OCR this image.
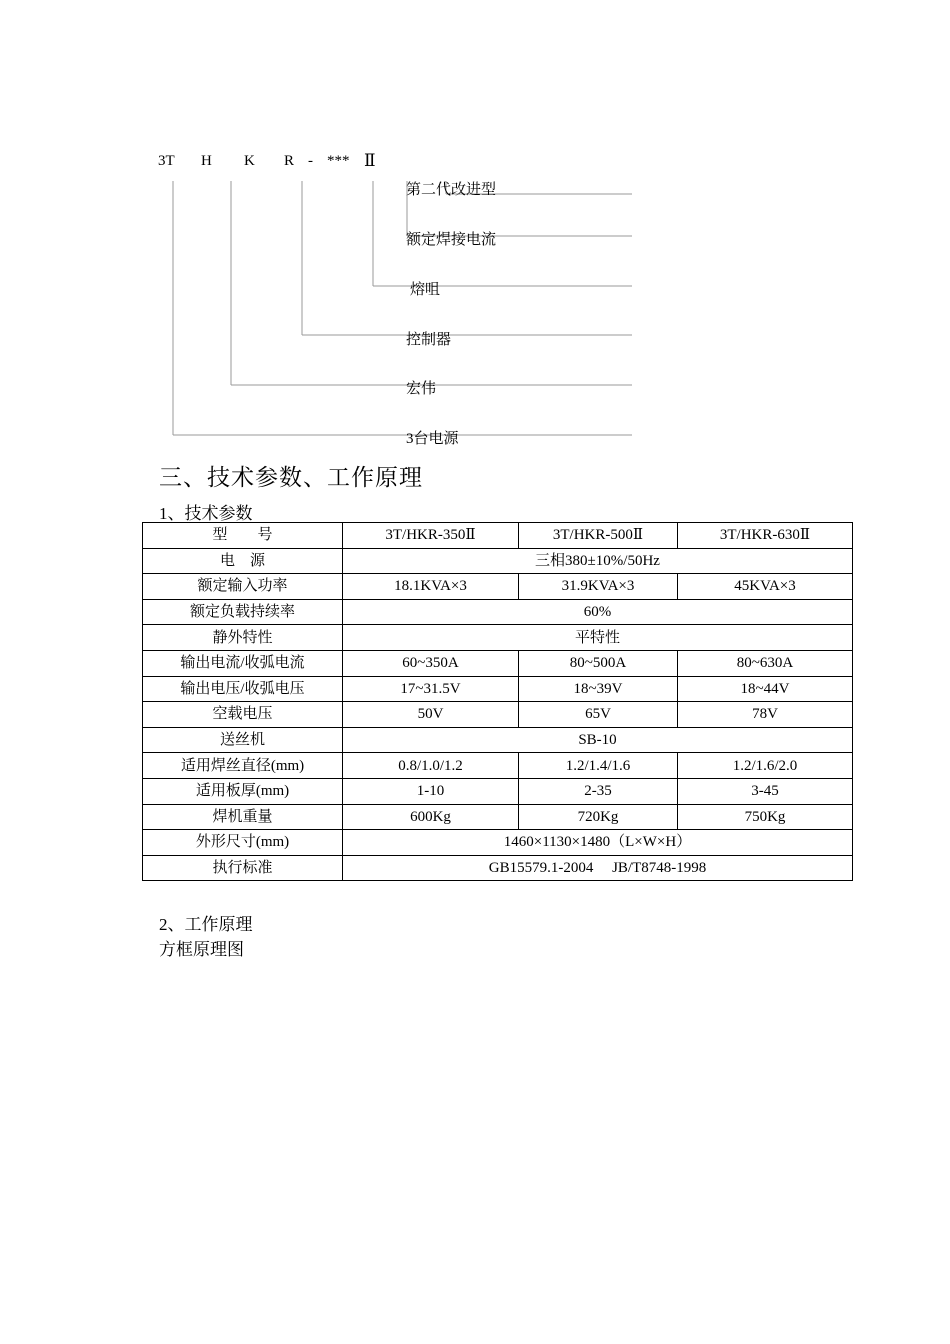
3T H K R - *** Ⅱ
第二代改进型
额定焊接电流
熔咀
控制器
宏伟
3台电源
三、技术参数、工作原理
1、技术参数
型　　号	3T/HKR-350Ⅱ	3T/HKR-500Ⅱ	3T/HKR-630Ⅱ
电　源	三相380±10%/50Hz		
额定输入功率	18.1KVA×3	31.9KVA×3	45KVA×3
额定负载持续率	60%		
静外特性	平特性		
输出电流/收弧电流	60~350A	80~500A	80~630A
输出电压/收弧电压	17~31.5V	18~39V	18~44V
空载电压	50V	65V	78V
送丝机	SB-10		
适用焊丝直径(mm)	0.8/1.0/1.2	1.2/1.4/1.6	1.2/1.6/2.0
适用板厚(mm)	1-10	2-35	3-45
焊机重量	600Kg	720Kg	750Kg
外形尺寸(mm)	1460×1130×1480（L×W×H）		
执行标准	GB15579.1-2004　 JB/T8748-1998		
2、工作原理
方框原理图
